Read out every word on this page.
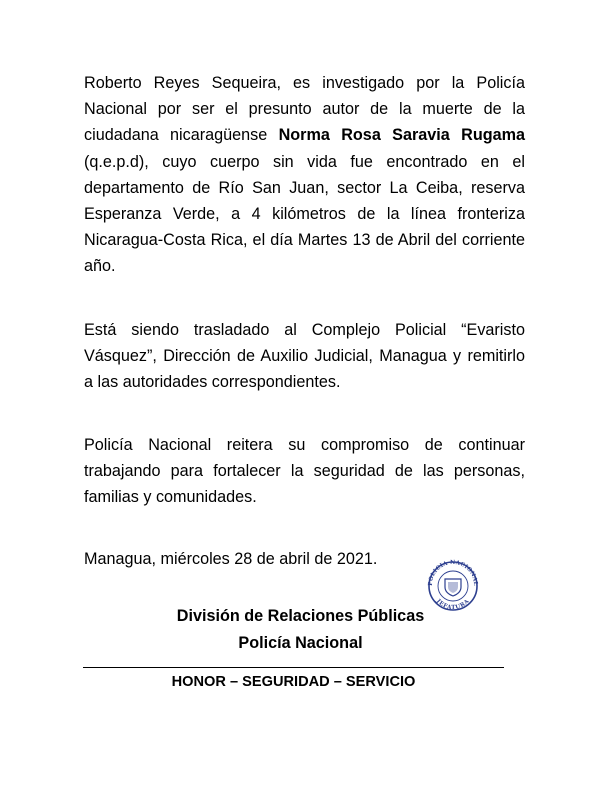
Roberto Reyes Sequeira, es investigado por la Policía Nacional por ser el presunto autor de la muerte de la ciudadana nicaragüense Norma Rosa Saravia Rugama (q.e.p.d), cuyo cuerpo sin vida fue encontrado en el departamento de Río San Juan, sector La Ceiba, reserva Esperanza Verde, a 4 kilómetros de la línea fronteriza Nicaragua-Costa Rica, el día Martes 13 de Abril del corriente año.

Está siendo trasladado al Complejo Policial “Evaristo Vásquez”, Dirección de Auxilio Judicial, Managua y remitirlo a las autoridades correspondientes.

Policía Nacional reitera su compromiso de continuar trabajando para fortalecer la seguridad de las personas, familias y comunidades.

Managua, miércoles 28 de abril de 2021.

POLICIA NACIONAL
JEFATURA

División de Relaciones Públicas

Policía Nacional

HONOR – SEGURIDAD – SERVICIO
